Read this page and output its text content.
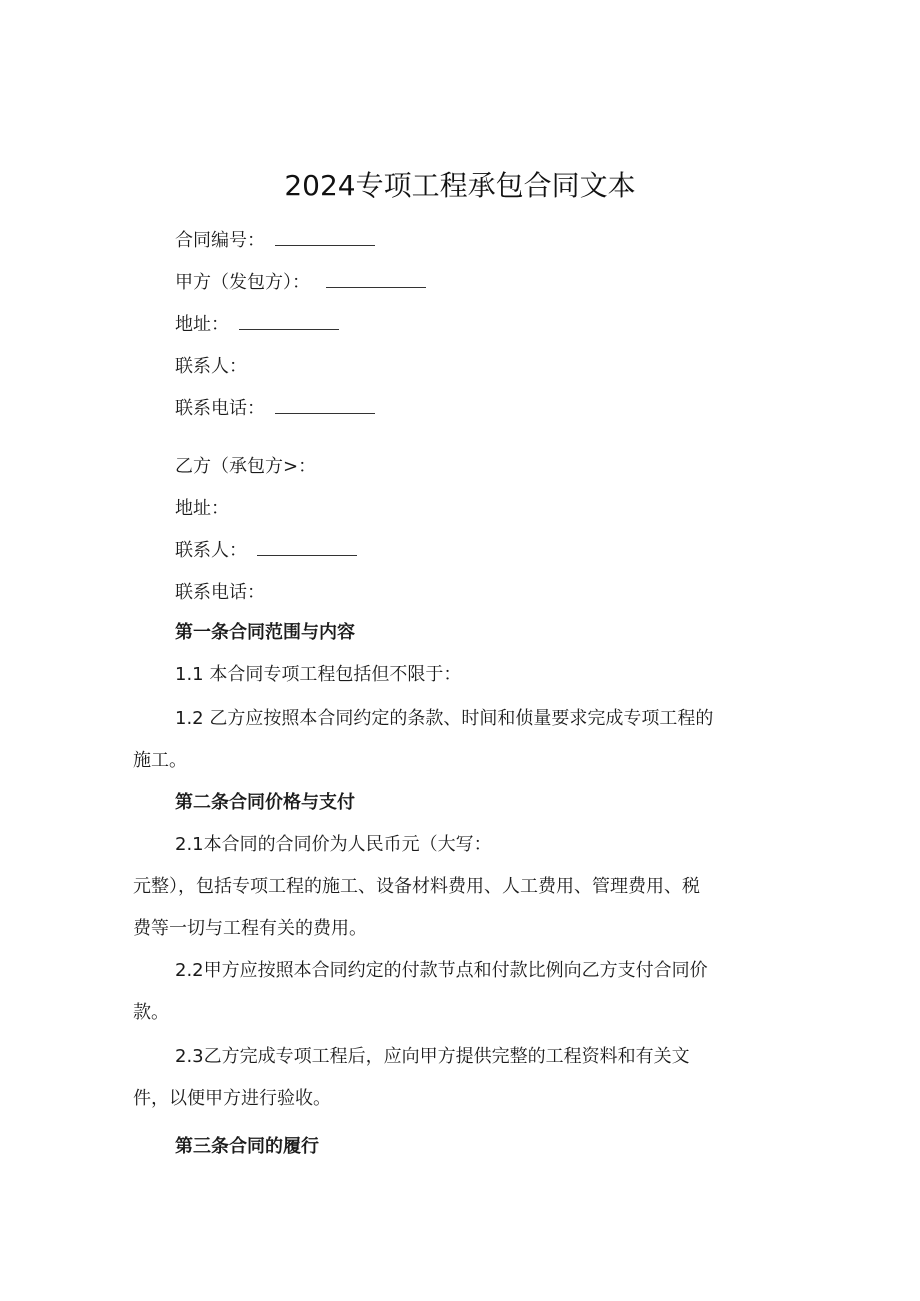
2024专项工程承包合同文本
合同编号：
甲方（发包方）：
地址：
联系人：
联系电话：
乙方（承包方>：
地址：
联系人：
联系电话：
第一条合同范围与内容
1.1 本合同专项工程包括但不限于：
1.2 乙方应按照本合同约定的条款、时间和侦量要求完成专项工程的
施工。
第二条合同价格与支付
2.1本合同的合同价为人民币元（大写：
元整），包括专项工程的施工、设备材料费用、人工费用、管理费用、税
费等一切与工程有关的费用。
2.2甲方应按照本合同约定的付款节点和付款比例向乙方支付合同价
款。
2.3乙方完成专项工程后，应向甲方提供完整的工程资料和有关文
件，以便甲方进行验收。
第三条合同的履行
